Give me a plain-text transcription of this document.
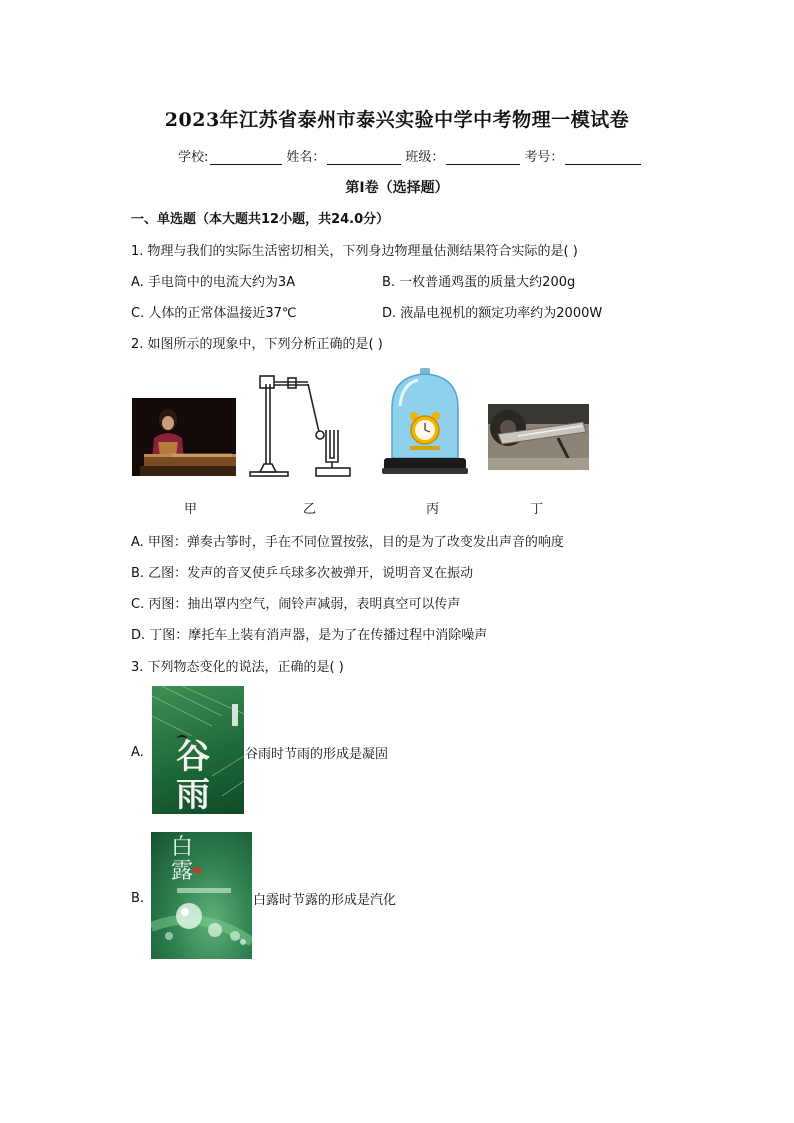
2023年江苏省泰州市泰兴实验中学中考物理一模试卷
学校:	姓名：	班级：	考号：
第I卷（选择题）
一、单选题（本大题共12小题，共24.0分）
1. 物理与我们的实际生活密切相关，下列身边物理量估测结果符合实际的是( )
A. 手电筒中的电流大约为3A	B. 一枚普通鸡蛋的质量大约200g
C. 人体的正常体温接近37℃	D. 液晶电视机的额定功率约为2000W
2. 如图所示的现象中，下列分析正确的是( )
甲	乙	丙	丁
A. 甲图：弹奏古筝时，手在不同位置按弦，目的是为了改变发出声音的响度
B. 乙图：发声的音叉使乒乓球多次被弹开，说明音叉在振动
C. 丙图：抽出罩内空气，闹铃声减弱，表明真空可以传声
D. 丁图：摩托车上装有消声器，是为了在传播过程中消除噪声
3. 下列物态变化的说法，正确的是( )
A. 谷雨
谷雨时节雨的形成是凝固
B.
白露
白露时节露的形成是汽化
